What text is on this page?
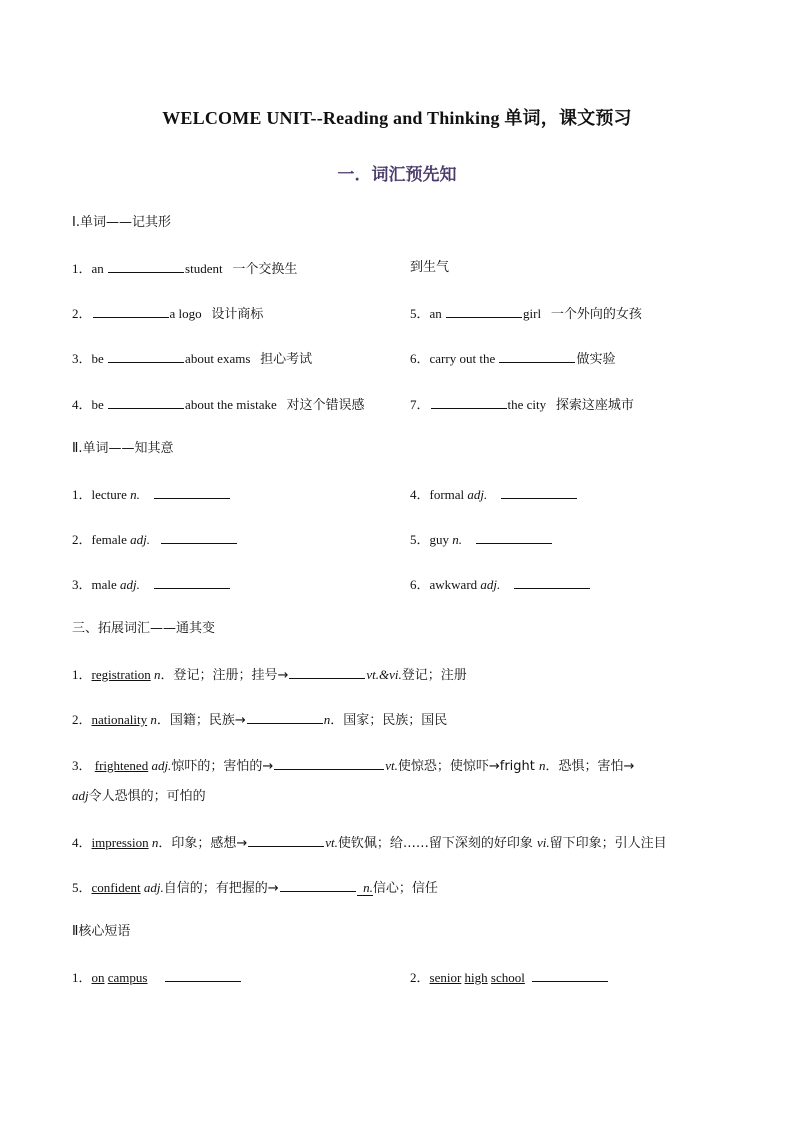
WELCOME UNIT--Reading and Thinking 单词，课文预习
一．词汇预先知
Ⅰ.单词——记其形
1．an	student 一个交换生	到生气
2．	a logo 设计商标	5．an	girl 一个外向的女孩
3．be	about exams 担心考试	6．carry out the	做实验
4．be	about the mistake 对这个错误感	7．	the city 探索这座城市
Ⅱ.单词——知其意
1．lecture n.	4．formal adj.
2．female adj.	5．guy n.
3．male adj.	6．awkward adj.
三、拓展词汇——通其变
1．registration n．登记；注册；挂号→	vt.&vi.登记；注册
2．nationality n．国籍；民族→	n．国家；民族；国民
3． frightened adj.惊吓的；害怕的→	vt.使惊恐；使惊吓→fright n．恐惧；害怕→
adj令人恐惧的；可怕的
4．impression n．印象；感想→	vt.使钦佩；给……留下深刻的好印象 vi.留下印象；引人注目
5．confident adj.自信的；有把握的→	n.信心；信任
Ⅱ核心短语
1．on campus	2．senior high school
